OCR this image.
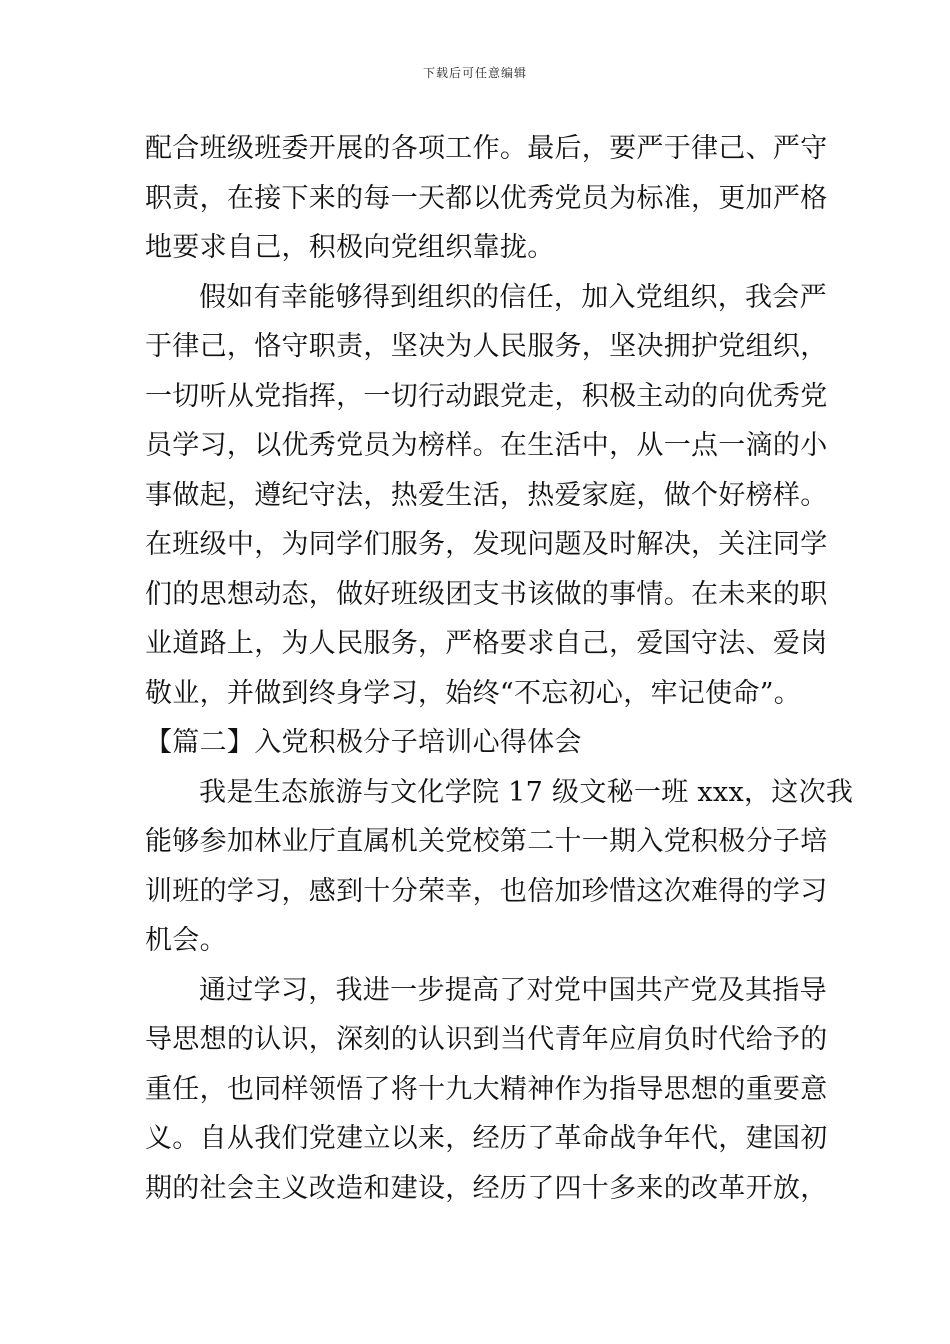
下载后可任意编辑
配合班级班委开展的各项工作。最后，要严于律己、严守
职责，在接下来的每一天都以优秀党员为标准，更加严格
地要求自己，积极向党组织靠拢。
假如有幸能够得到组织的信任，加入党组织，我会严
于律己，恪守职责，坚决为人民服务，坚决拥护党组织，
一切听从党指挥，一切行动跟党走，积极主动的向优秀党
员学习，以优秀党员为榜样。在生活中，从一点一滴的小
事做起，遵纪守法，热爱生活，热爱家庭，做个好榜样。
在班级中，为同学们服务，发现问题及时解决，关注同学
们的思想动态，做好班级团支书该做的事情。在未来的职
业道路上，为人民服务，严格要求自己，爱国守法、爱岗
敬业，并做到终身学习，始终“不忘初心，牢记使命”。
【篇二】入党积极分子培训心得体会
我是生态旅游与文化学院 17 级文秘一班 xxx，这次我
能够参加林业厅直属机关党校第二十一期入党积极分子培
训班的学习，感到十分荣幸，也倍加珍惜这次难得的学习
机会。
通过学习，我进一步提高了对党中国共产党及其指导
导思想的认识，深刻的认识到当代青年应肩负时代给予的
重任，也同样领悟了将十九大精神作为指导思想的重要意
义。自从我们党建立以来，经历了革命战争年代，建国初
期的社会主义改造和建设，经历了四十多来的改革开放，
